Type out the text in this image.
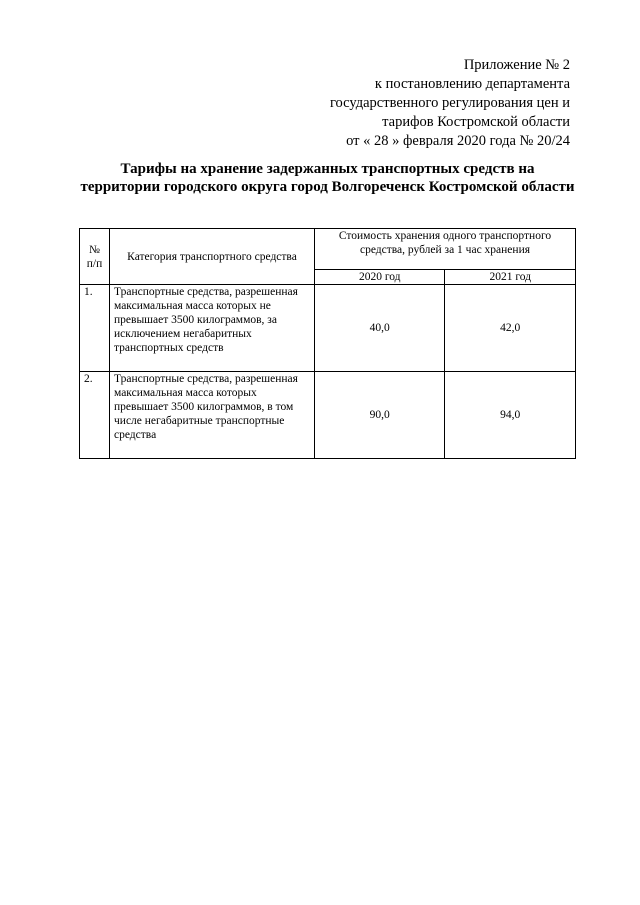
Приложение № 2
к постановлению департамента
государственного регулирования цен и
тарифов Костромской области
от « 28 » февраля 2020 года № 20/24
Тарифы на хранение задержанных транспортных средств на территории городского округа город Волгореченск Костромской области
№ п/п	Категория транспортного средства	Стоимость хранения одного транспортного средства, рублей за 1 час хранения	
		2020 год	2021 год
1.	Транспортные средства, разрешенная максимальная масса которых не превышает 3500 килограммов, за исключением негабаритных транспортных средств	40,0	42,0
2.	Транспортные средства, разрешенная максимальная масса которых превышает 3500 килограммов, в том числе негабаритные транспортные средства	90,0	94,0
